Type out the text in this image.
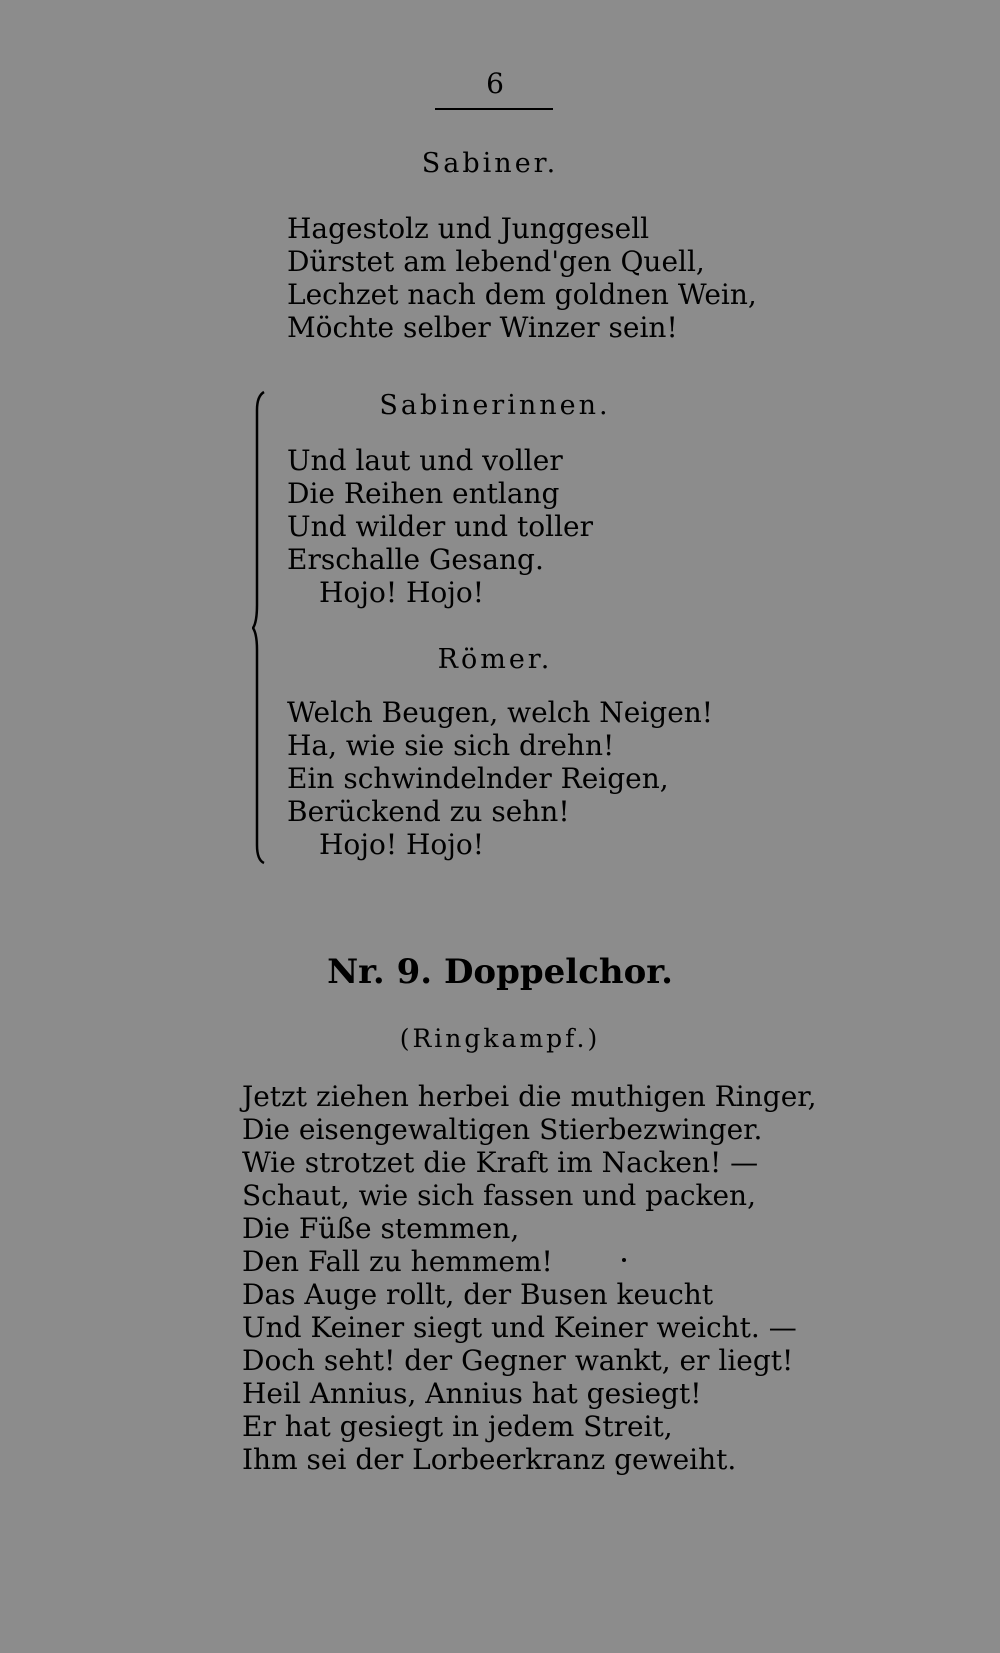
6
Sabiner.
Hagestolz und Junggesell
Dürstet am lebend'gen Quell,
Lechzet nach dem goldnen Wein,
Möchte selber Winzer sein!
Sabinerinnen.
Und laut und voller
Die Reihen entlang
Und wilder und toller
Erschalle Gesang.
Hojo! Hojo!
Römer.
Welch Beugen, welch Neigen!
Ha, wie sie sich drehn!
Ein schwindelnder Reigen,
Berückend zu sehn!
Hojo! Hojo!
Nr. 9. Doppelchor.
(Ringkampf.)
Jetzt ziehen herbei die muthigen Ringer,
Die eisengewaltigen Stierbezwinger.
Wie strotzet die Kraft im Nacken! —
Schaut, wie sich fassen und packen,
Die Füße stemmen,
Den Fall zu hemmem!
Das Auge rollt, der Busen keucht
Und Keiner siegt und Keiner weicht. —
Doch seht! der Gegner wankt, er liegt!
Heil Annius, Annius hat gesiegt!
Er hat gesiegt in jedem Streit,
Ihm sei der Lorbeerkranz geweiht.
